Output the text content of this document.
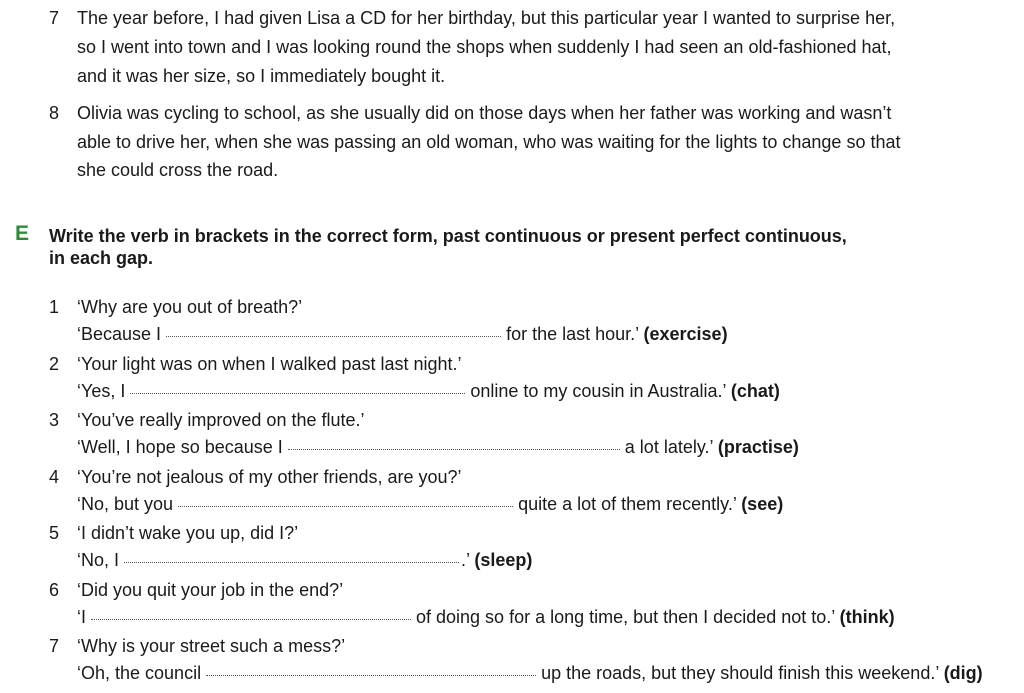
7 The year before, I had given Lisa a CD for her birthday, but this particular year I wanted to surprise her,
so I went into town and I was looking round the shops when suddenly I had seen an old-fashioned hat,
and it was her size, so I immediately bought it.
8 Olivia was cycling to school, as she usually did on those days when her father was working and wasn’t
able to drive her, when she was passing an old woman, who was waiting for the lights to change so that
she could cross the road.
E Write the verb in brackets in the correct form, past continuous or present perfect continuous,
in each gap.
1 ‘Why are you out of breath?’
‘Because I	for the last hour.’ (exercise)
2 ‘Your light was on when I walked past last night.’
‘Yes, I	online to my cousin in Australia.’ (chat)
3 ‘You’ve really improved on the flute.’
‘Well, I hope so because I	a lot lately.’ (practise)
4 ‘You’re not jealous of my other friends, are you?’
‘No, but you	quite a lot of them recently.’ (see)
5 ‘I didn’t wake you up, did I?’
‘No, I	.’ (sleep)
6 ‘Did you quit your job in the end?’
‘I	of doing so for a long time, but then I decided not to.’ (think)
7 ‘Why is your street such a mess?’
‘Oh, the council	up the roads, but they should finish this weekend.’ (dig)
